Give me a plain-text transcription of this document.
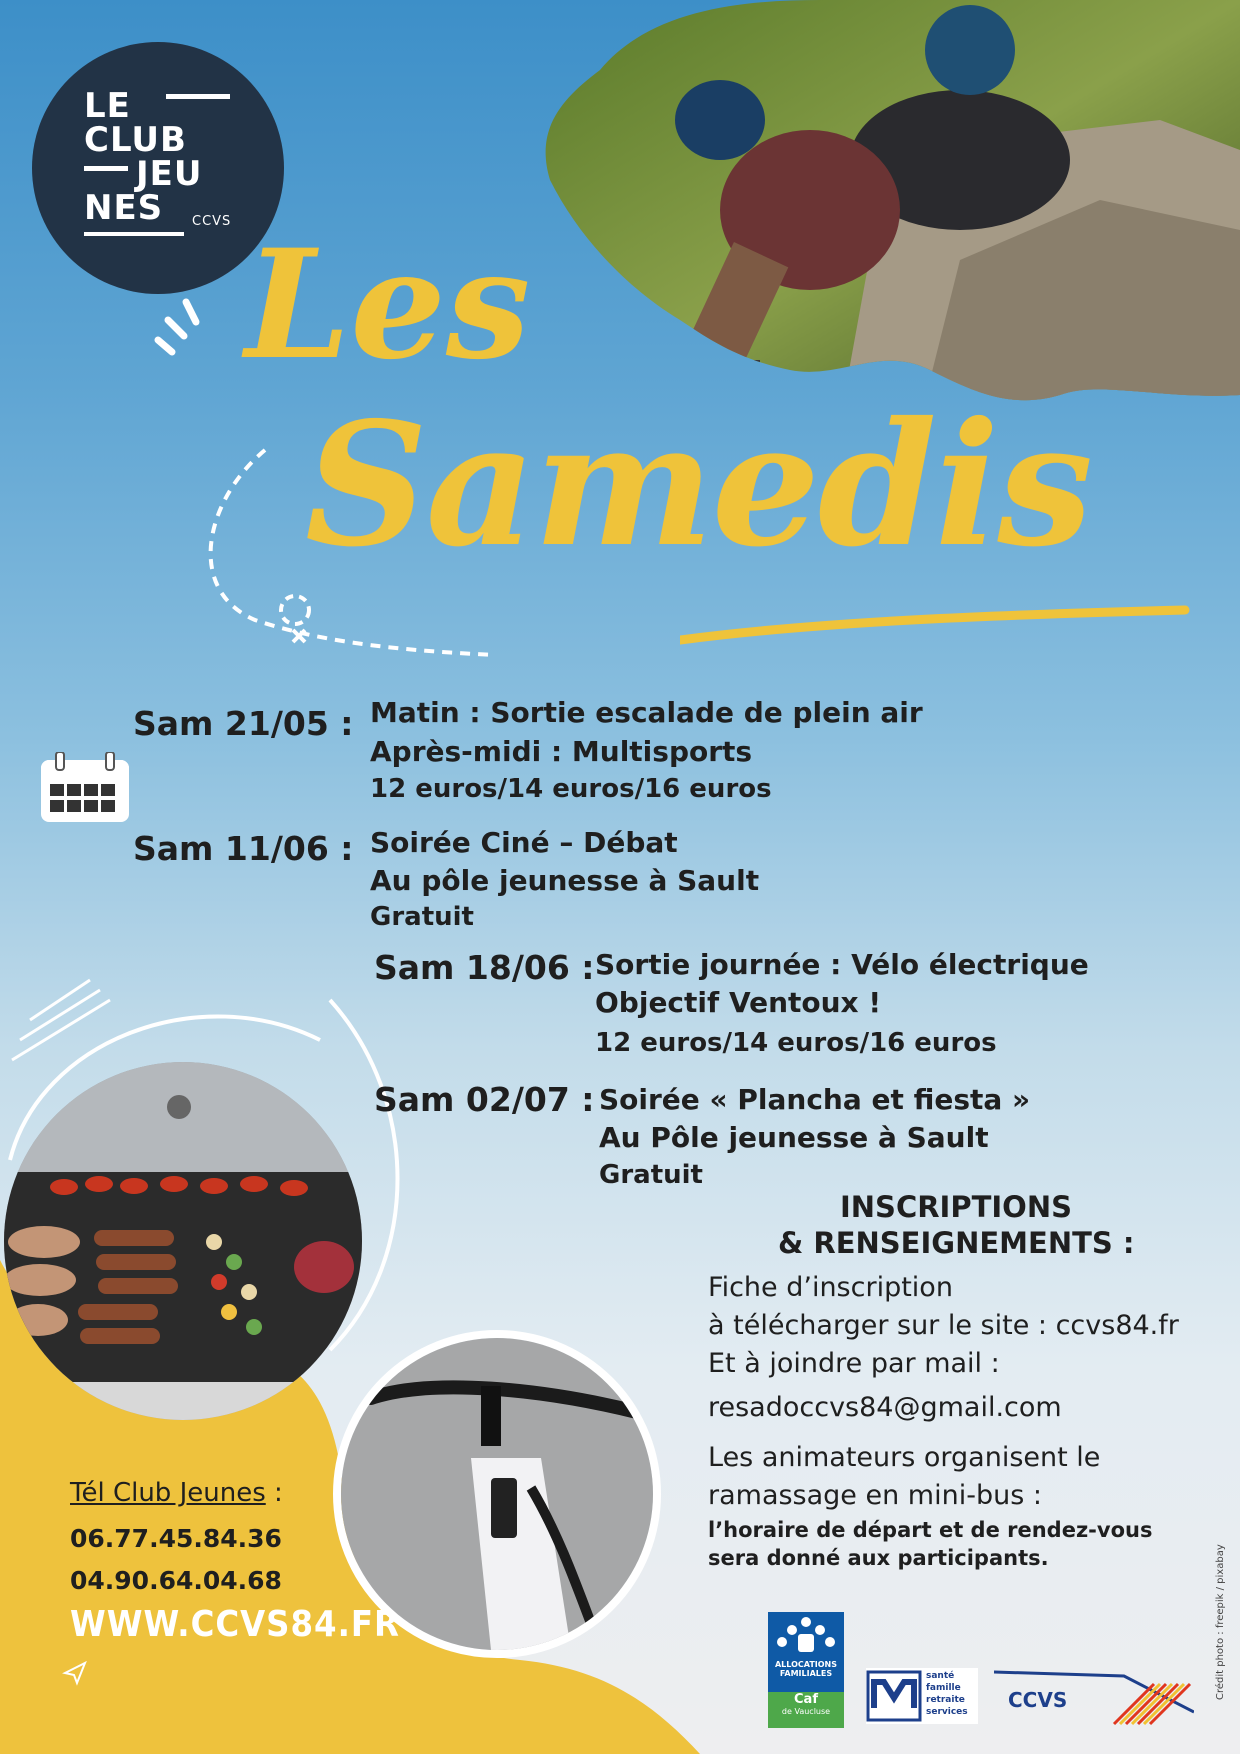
LE
CLUB
JEU
NES CCVS Les
Samedis
Sam 21/05 : Matin : Sortie escalade de plein air
Après-midi : Multisports
12 euros/14 euros/16 euros
Sam 11/06 : Soirée Ciné – Débat
Au pôle jeunesse à Sault
Gratuit
Sam 18/06 : Sortie journée : Vélo électrique
Objectif Ventoux !
12 euros/14 euros/16 euros
Sam 02/07 : Soirée « Plancha et fiesta »
Au Pôle jeunesse à Sault
Gratuit
INSCRIPTIONS
& RENSEIGNEMENTS :
Fiche d’inscription
à télécharger sur le site : ccvs84.fr
Et à joindre par mail :
resadoccvs84@gmail.com
Les animateurs organisent le
ramassage en mini-bus :
l’horaire de départ et de rendez-vous
sera donné aux participants.
Tél Club Jeunes :
06.77.45.84.36
04.90.64.04.68
WWW.CCVS84.FR	Crédit photo : freepik / pixabay
ALLOCATIONS
FAMILIALES
Caf
de Vaucluse
santé
famille
retraite
services CCVS
